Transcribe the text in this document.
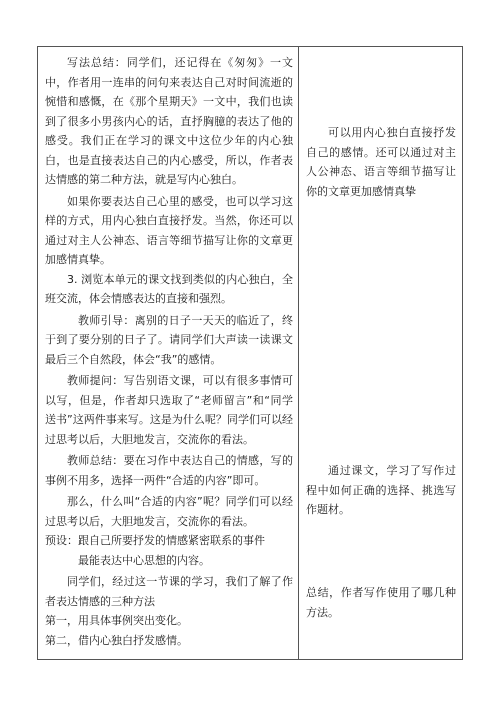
写法总结：同学们，还记得在《匆匆》一文中，作者用一连串的问句来表达自己对时间流逝的惋惜和感慨，在《那个星期天》一文中，我们也读到了很多小男孩内心的话，直抒胸臆的表达了他的感受。我们正在学习的课文中这位少年的内心独白，也是直接表达自己的内心感受，所以，作者表达情感的第二种方法，就是写内心独白。

如果你要表达自己心里的感受，也可以学习这样的方式，用内心独白直接抒发。当然，你还可以通过对主人公神态、语言等细节描写让你的文章更加感情真挚。

3. 浏览本单元的课文找到类似的内心独白，全班交流，体会情感表达的直接和强烈。

教师引导：离别的日子一天天的临近了，终于到了要分别的日子了。请同学们大声读一读课文最后三个自然段，体会“我”的感情。

教师提问：写告别语文课，可以有很多事情可以写，但是，作者却只选取了“老师留言”和“同学送书”这两件事来写。这是为什么呢？同学们可以经过思考以后，大胆地发言，交流你的看法。

教师总结：要在习作中表达自己的情感，写的事例不用多，选择一两件“合适的内容”即可。

那么，什么叫“合适的内容”呢？同学们可以经过思考以后，大胆地发言，交流你的看法。

预设：跟自己所要抒发的情感紧密联系的事件

最能表达中心思想的内容。

同学们，经过这一节课的学习，我们了解了作者表达情感的三种方法

第一，用具体事例突出变化。

第二，借内心独白抒发感情。

可以用内心独白直接抒发自己的感情。还可以通过对主人公神态、语言等细节描写让你的文章更加感情真挚

通过课文，学习了写作过程中如何正确的选择、挑选写作题材。

总结，作者写作使用了哪几种方法。
